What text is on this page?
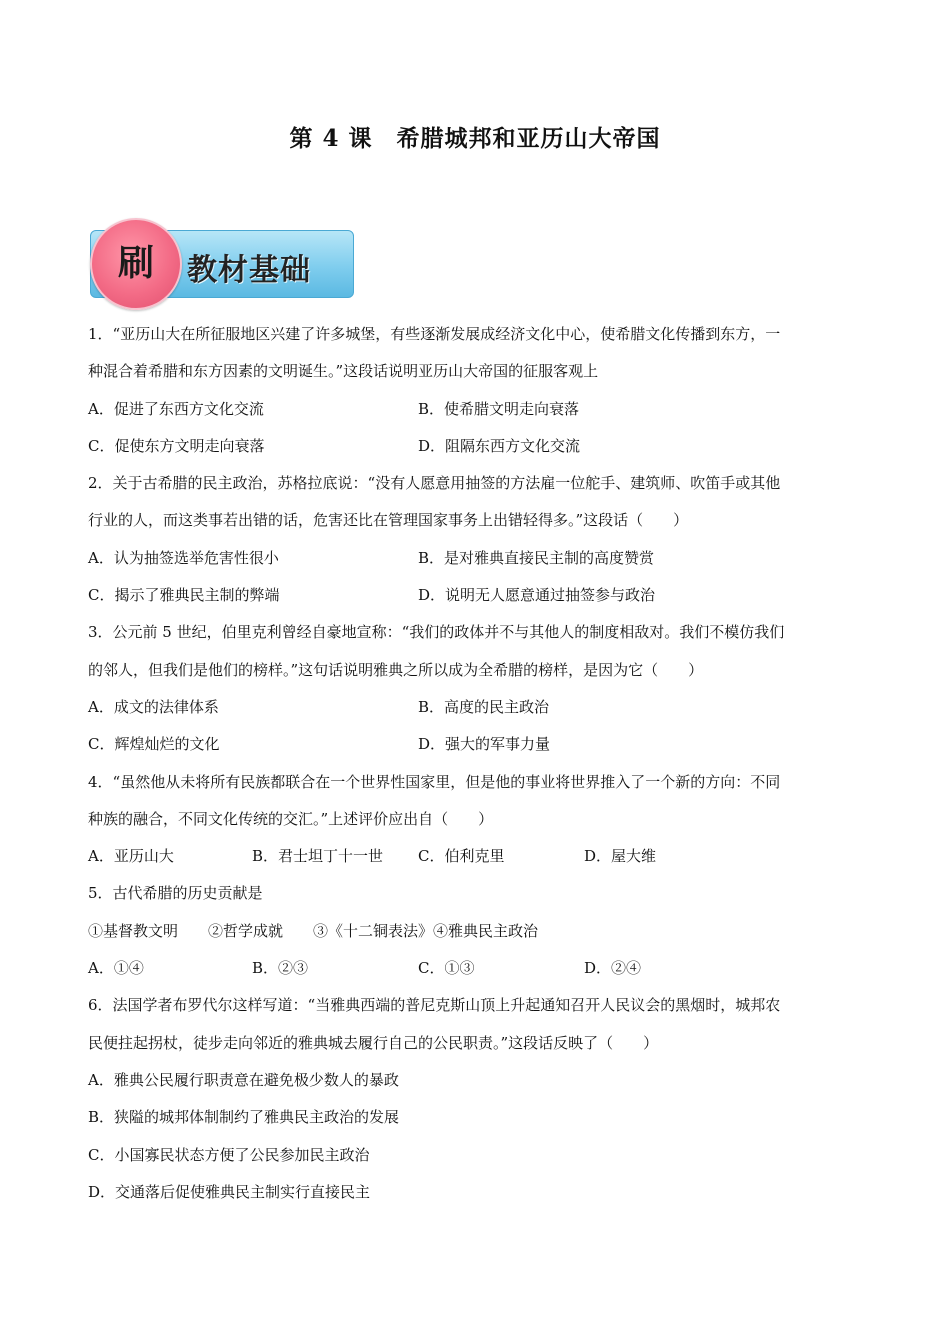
第 4 课　希腊城邦和亚历山大帝国
教材基础
刷
1．“亚历山大在所征服地区兴建了许多城堡，有些逐渐发展成经济文化中心，使希腊文化传播到东方，一
种混合着希腊和东方因素的文明诞生。”这段话说明亚历山大帝国的征服客观上
A．促进了东西方文化交流	B．使希腊文明走向衰落
C．促使东方文明走向衰落	D．阻隔东西方文化交流
2．关于古希腊的民主政治，苏格拉底说：“没有人愿意用抽签的方法雇一位舵手、建筑师、吹笛手或其他
行业的人，而这类事若出错的话，危害还比在管理国家事务上出错轻得多。”这段话（　　）
A．认为抽签选举危害性很小	B．是对雅典直接民主制的高度赞赏
C．揭示了雅典民主制的弊端	D．说明无人愿意通过抽签参与政治
3．公元前 5 世纪，伯里克利曾经自豪地宣称：“我们的政体并不与其他人的制度相敌对。我们不模仿我们
的邻人，但我们是他们的榜样。”这句话说明雅典之所以成为全希腊的榜样，是因为它（　　）
A．成文的法律体系	B．高度的民主政治
C．辉煌灿烂的文化	D．强大的军事力量
4．“虽然他从未将所有民族都联合在一个世界性国家里，但是他的事业将世界推入了一个新的方向：不同
种族的融合，不同文化传统的交汇。”上述评价应出自（　　）
A．亚历山大	B．君士坦丁十一世 C．伯利克里	D．屋大维
5．古代希腊的历史贡献是
①基督教文明　　②哲学成就　　③《十二铜表法》④雅典民主政治
A．①④	B．②③	C．①③	D．②④
6．法国学者布罗代尔这样写道：“当雅典西端的普尼克斯山顶上升起通知召开人民议会的黑烟时，城邦农
民便拄起拐杖，徒步走向邻近的雅典城去履行自己的公民职责。”这段话反映了（　　）
A．雅典公民履行职责意在避免极少数人的暴政
B．狭隘的城邦体制制约了雅典民主政治的发展
C．小国寡民状态方便了公民参加民主政治
D．交通落后促使雅典民主制实行直接民主
